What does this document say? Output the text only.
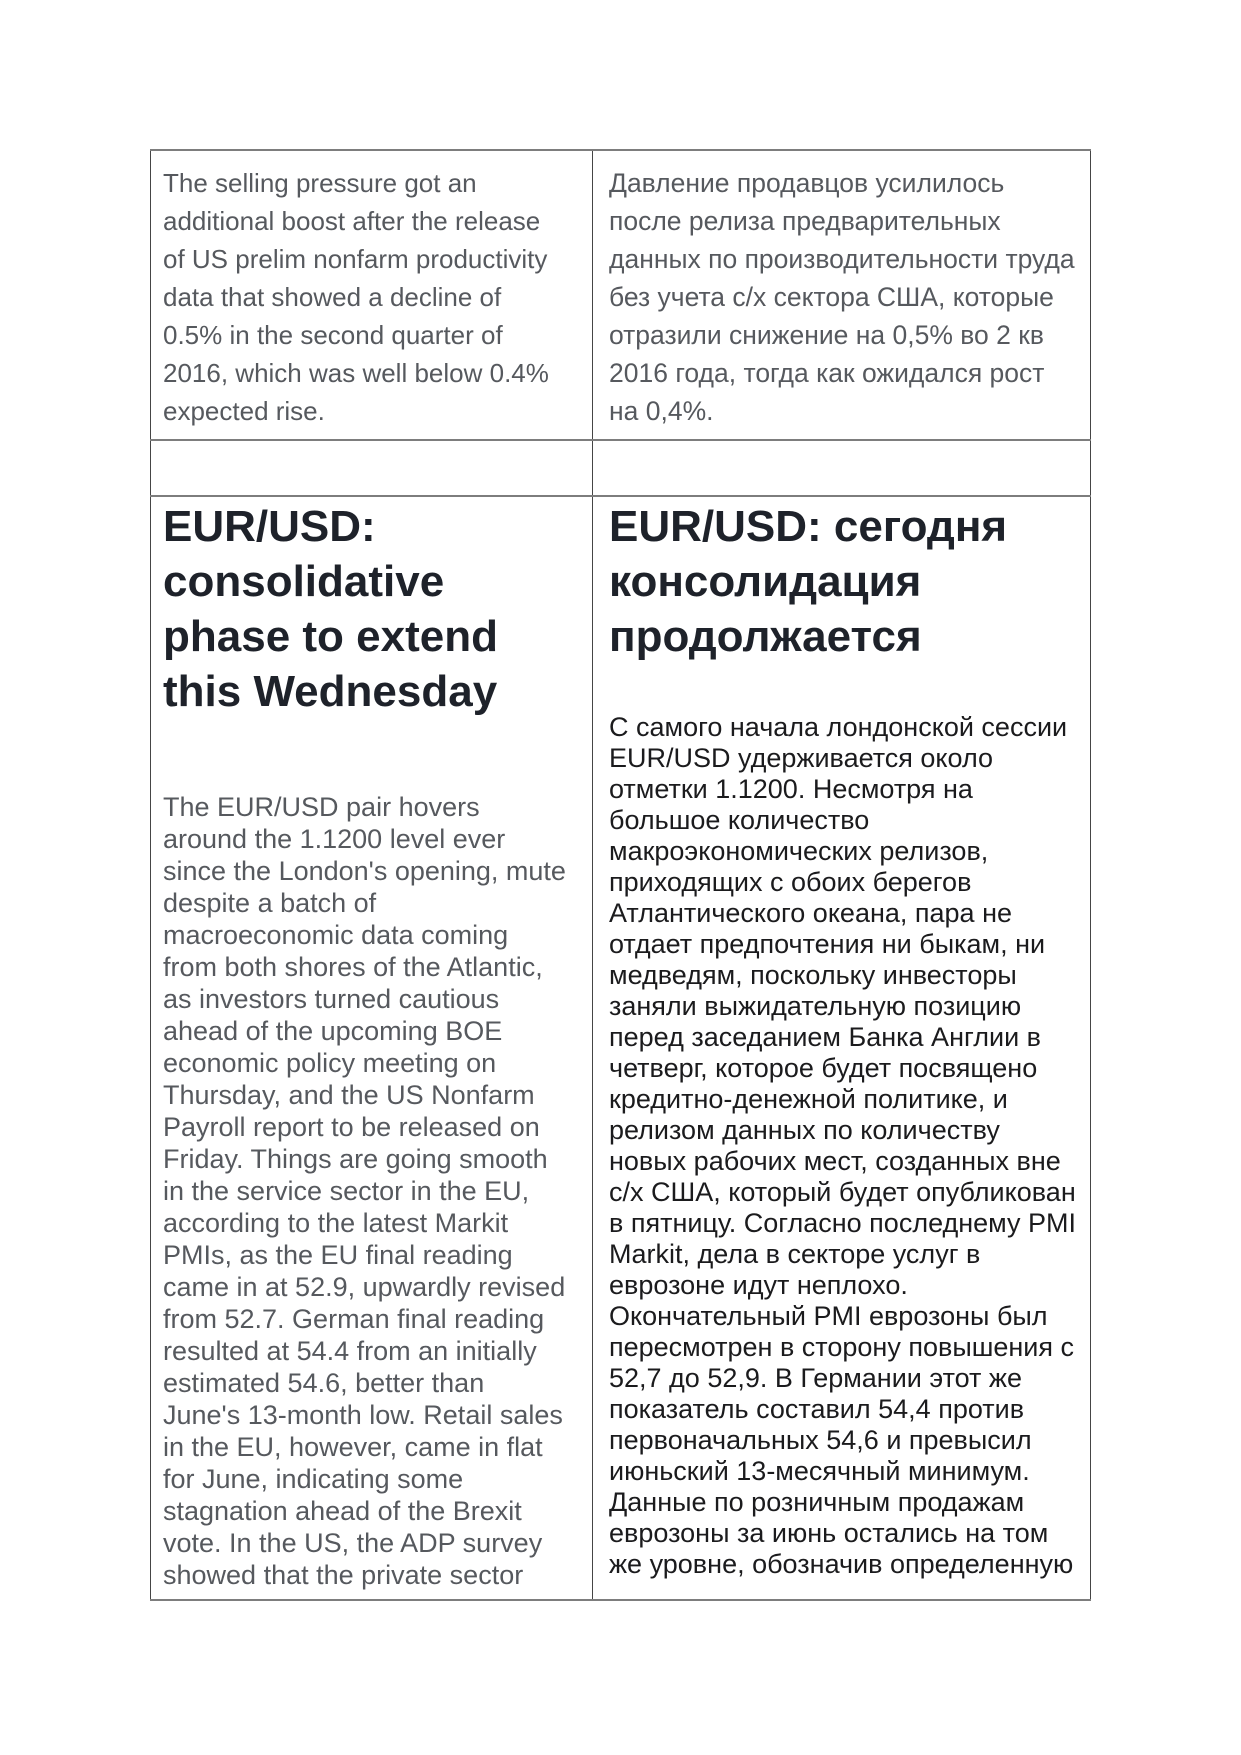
The selling pressure got an additional boost after the release of US prelim nonfarm productivity data that showed a decline of 0.5% in the second quarter of 2016, which was well below 0.4% expected rise.

Давление продавцов усилилось после релиза предварительных данных по производительности труда без учета с/х сектора США, которые отразили снижение на 0,5% во 2 кв 2016 года, тогда как ожидался рост на 0,4%.

EUR/USD: consolidative phase to extend this Wednesday

The EUR/USD pair hovers around the 1.1200 level ever since the London's opening, mute despite a batch of macroeconomic data coming from both shores of the Atlantic, as investors turned cautious ahead of the upcoming BOE economic policy meeting on Thursday, and the US Nonfarm Payroll report to be released on Friday. Things are going smooth in the service sector in the EU, according to the latest Markit PMIs, as the EU final reading came in at 52.9, upwardly revised from 52.7. German final reading resulted at 54.4 from an initially estimated 54.6, better than June's 13-month low. Retail sales in the EU, however, came in flat for June, indicating some stagnation ahead of the Brexit vote. In the US, the ADP survey showed that the private sector

EUR/USD: сегодня консолидация продолжается

С самого начала лондонской сессии EUR/USD удерживается около отметки 1.1200. Несмотря на большое количество макроэкономических релизов, приходящих с обоих берегов Атлантического океана, пара не отдает предпочтения ни быкам, ни медведям, поскольку инвесторы заняли выжидательную позицию перед заседанием Банка Англии в четверг, которое будет посвящено кредитно-денежной политике, и релизом данных по количеству новых рабочих мест, созданных вне с/х США, который будет опубликован в пятницу. Согласно последнему PMI Markit, дела в секторе услуг в еврозоне идут неплохо. Окончательный PMI еврозоны был пересмотрен в сторону повышения с 52,7 до 52,9. В Германии этот же показатель составил 54,4 против первоначальных 54,6 и превысил июньский 13-месячный минимум. Данные по розничным продажам еврозоны за июнь остались на том же уровне, обозначив определенную
